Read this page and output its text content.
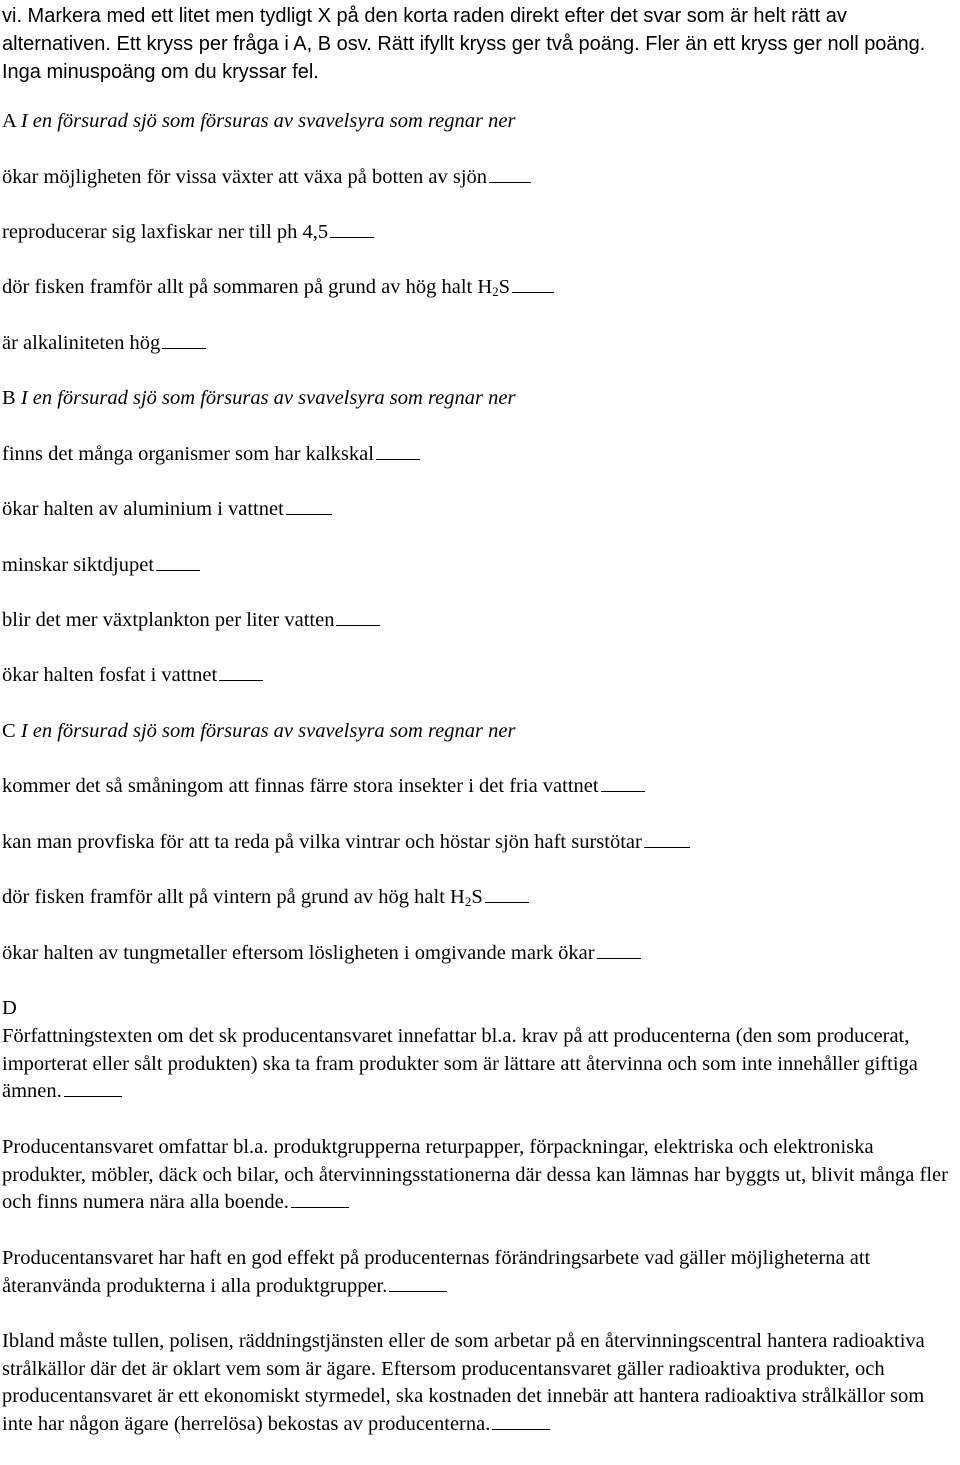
vi. Markera med ett litet men tydligt X på den korta raden direkt efter det svar som är helt rätt av alternativen. Ett kryss per fråga i A, B osv. Rätt ifyllt kryss ger två poäng. Fler än ett kryss ger noll poäng. Inga minuspoäng om du kryssar fel.
A I en försurad sjö som försuras av svavelsyra som regnar ner
ökar möjligheten för vissa växter att växa på botten av sjön
reproducerar sig laxfiskar ner till ph 4,5
dör fisken framför allt på sommaren på grund av hög halt $H_2S$
är alkaliniteten hög
B I en försurad sjö som försuras av svavelsyra som regnar ner
finns det många organismer som har kalkskal
ökar halten av aluminium i vattnet
minskar siktdjupet
blir det mer växtplankton per liter vatten
ökar halten fosfat i vattnet
C I en försurad sjö som försuras av svavelsyra som regnar ner
kommer det så småningom att finnas färre stora insekter i det fria vattnet
kan man provfiska för att ta reda på vilka vintrar och höstar sjön haft surstötar
dör fisken framför allt på vintern på grund av hög halt $H_2S$
ökar halten av tungmetaller eftersom lösligheten i omgivande mark ökar
D
Författningstexten om det sk producentansvaret innefattar bl.a. krav på att producenterna (den som producerat, importerat eller sålt produkten) ska ta fram produkter som är lättare att återvinna och som inte innehåller giftiga ämnen.
Producentansvaret omfattar bl.a. produktgrupperna returpapper, förpackningar, elektriska och elektroniska produkter, möbler, däck och bilar, och återvinningsstationerna där dessa kan lämnas har byggts ut, blivit många fler och finns numera nära alla boende.
Producentansvaret har haft en god effekt på producenternas förändringsarbete vad gäller möjligheterna att återanvända produkterna i alla produktgrupper.
Ibland måste tullen, polisen, räddningstjänsten eller de som arbetar på en återvinningscentral hantera radioaktiva strålkällor där det är oklart vem som är ägare. Eftersom producentansvaret gäller radioaktiva produkter, och producentansvaret är ett ekonomiskt styrmedel, ska kostnaden det innebär att hantera radioaktiva strålkällor som inte har någon ägare (herrelösa) bekostas av producenterna.
